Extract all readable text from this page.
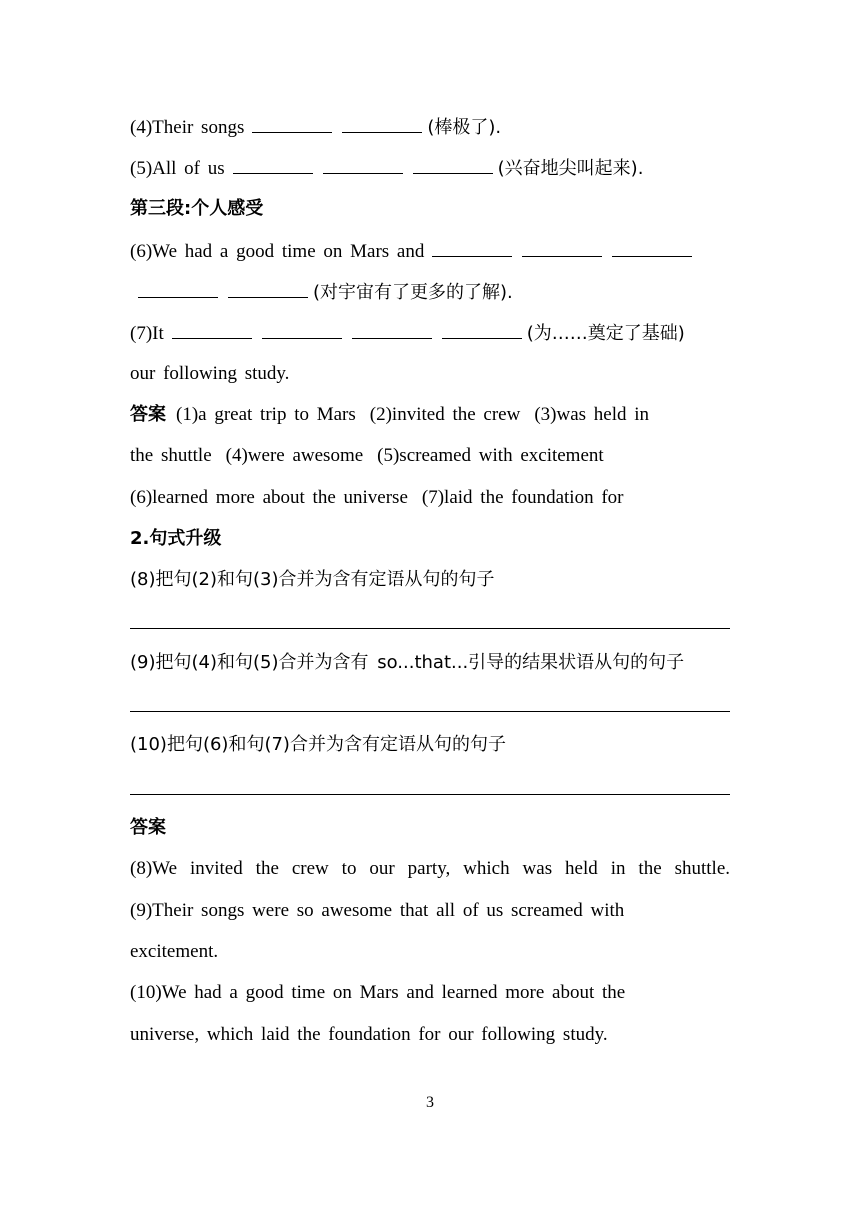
(4)Their songs	(棒极了).
(5)All of us	(兴奋地尖叫起来).
第三段:个人感受
(6)We had a good time on Mars and
(对宇宙有了更多的了解).
(7)It	(为……奠定了基础)
our following study.
答案 (1)a great trip to Mars (2)invited the crew (3)was held in
the shuttle (4)were awesome (5)screamed with excitement
(6)learned more about the universe (7)laid the foundation for
2.句式升级
(8)把句(2)和句(3)合并为含有定语从句的句子
(9)把句(4)和句(5)合并为含有 so...that...引导的结果状语从句的句子
(10)把句(6)和句(7)合并为含有定语从句的句子
答案
(8)We invited the crew to our party, which was held in the shuttle.
(9)Their songs were so awesome that all of us screamed with
excitement.
(10)We had a good time on Mars and learned more about the
universe, which laid the foundation for our following study.
3
